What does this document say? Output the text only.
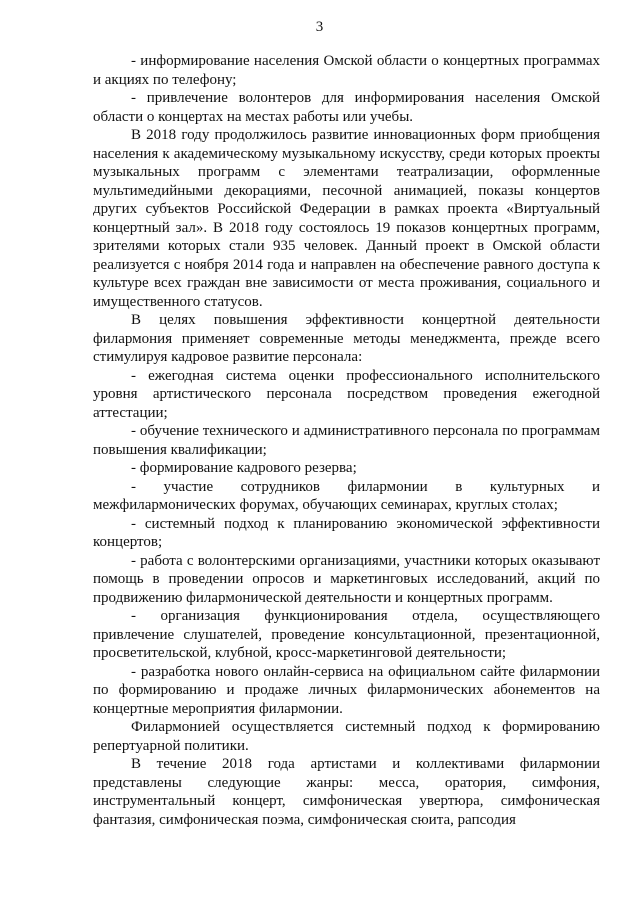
3

- информирование населения Омской области о концертных программах и акциях по телефону;

- привлечение волонтеров для информирования населения Омской области о концертах на местах работы или учебы.

В 2018 году продолжилось развитие инновационных форм приобщения населения к академическому музыкальному искусству, среди которых проекты музыкальных программ с элементами театрализации, оформленные мультимедийными декорациями, песочной анимацией, показы концертов других субъектов Российской Федерации в рамках проекта «Виртуальный концертный зал». В 2018 году состоялось 19 показов концертных программ, зрителями которых стали 935 человек. Данный проект в Омской области реализуется с ноября 2014 года и направлен на обеспечение равного доступа к культуре всех граждан вне зависимости от места проживания, социального и имущественного статусов.

В целях повышения эффективности концертной деятельности филармония применяет современные методы менеджмента, прежде всего стимулируя кадровое развитие персонала:

- ежегодная система оценки профессионального исполнительского уровня артистического персонала посредством проведения ежегодной аттестации;

- обучение технического и административного персонала по программам повышения квалификации;

- формирование кадрового резерва;

- участие сотрудников филармонии в культурных и межфилармонических форумах, обучающих семинарах, круглых столах;

- системный подход к планированию экономической эффективности концертов;

- работа с волонтерскими организациями, участники которых оказывают помощь в проведении опросов и маркетинговых исследований, акций по продвижению филармонической деятельности и концертных программ.

- организация функционирования отдела, осуществляющего привлечение слушателей, проведение консультационной, презентационной, просветительской, клубной, кросс-маркетинговой деятельности;

- разработка нового онлайн-сервиса на официальном сайте филармонии по формированию и продаже личных филармонических абонементов на концертные мероприятия филармонии.

Филармонией осуществляется системный подход к формированию репертуарной политики.

В течение 2018 года артистами и коллективами филармонии представлены следующие жанры: месса, оратория, симфония, инструментальный концерт, симфоническая увертюра, симфоническая фантазия, симфоническая поэма, симфоническая сюита, рапсодия
